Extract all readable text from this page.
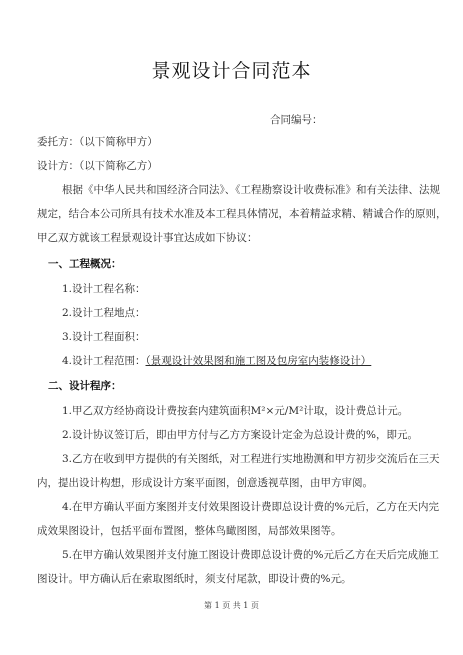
景观设计合同范本
合同编号：
委托方：（以下简称甲方）
设计方：（以下简称乙方）
根据《中华人民共和国经济合同法》、《工程勘察设计收费标准》和有关法律、法规
规定，结合本公司所具有技术水准及本工程具体情况，本着精益求精、精诚合作的原则，
甲乙双方就该工程景观设计事宜达成如下协议：
一、工程概况：
1.设计工程名称：
2.设计工程地点：
3.设计工程面积：
4.设计工程范围：（景观设计效果图和施工图及包房室内装修设计）
二、设计程序：
1.甲乙双方经协商设计费按套内建筑面积M²×元/M²计取，设计费总计元。
2.设计协议签订后，即由甲方付与乙方方案设计定金为总设计费的%，即元。
3.乙方在收到甲方提供的有关图纸，对工程进行实地勘测和甲方初步交流后在三天
内，提出设计构想，形成设计方案平面图，创意透视草图，由甲方审阅。
4.在甲方确认平面方案图并支付效果图设计费即总设计费的%元后，乙方在天内完
成效果图设计，包括平面布置图，整体鸟瞰图图，局部效果图等。
5.在甲方确认效果图并支付施工图设计费即总设计费的%元后乙方在天后完成施工
图设计。甲方确认后在索取图纸时，须支付尾款，即设计费的%元。
第 1 页 共 1 页
